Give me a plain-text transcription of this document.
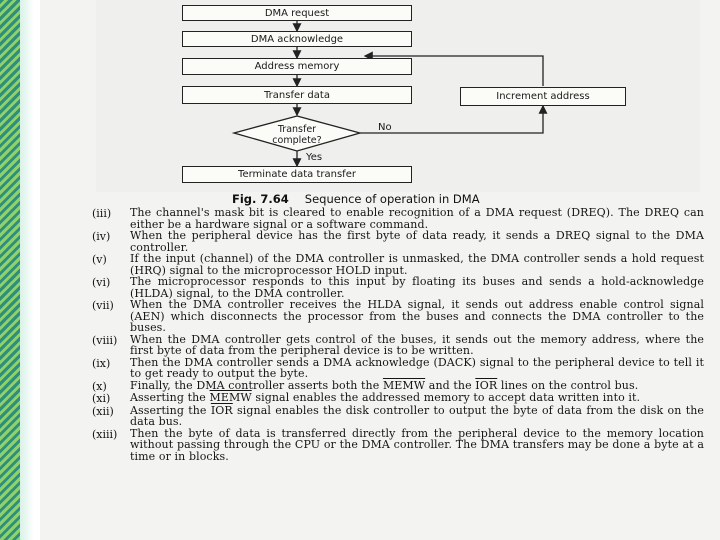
DMA request
DMA acknowledge
Address memory
Transfer data	Increment address
Transfer complete?
No
Yes
Terminate data transfer
Fig. 7.64 Sequence of operation in DMA
(iii)	The channel's mask bit is cleared to enable recognition of a DMA request (DREQ). The DREQ can either be a hardware signal or a software command.
(iv)	When the peripheral device has the first byte of data ready, it sends a DREQ signal to the DMA controller.
(v)	If the input (channel) of the DMA controller is unmasked, the DMA controller sends a hold request (HRQ) signal to the microprocessor HOLD input.
(vi)	The microprocessor responds to this input by floating its buses and sends a hold-acknowledge (HLDA) signal, to the DMA controller.
(vii)	When the DMA controller receives the HLDA signal, it sends out address enable control signal (AEN) which disconnects the processor from the buses and connects the DMA controller to the buses.
(viii)	When the DMA controller gets control of the buses, it sends out the memory address, where the first byte of data from the peripheral device is to be written.
(ix)	Then the DMA controller sends a DMA acknowledge (DACK) signal to the peripheral device to tell it to get ready to output the byte.
(x)	Finally, the DMA controller asserts both the MEMW and the $\overline{IOR}$ lines on the control bus.
(xi)	Asserting the MEMW signal enables the addressed memory to accept data written into it.
(xii)	Asserting the $\overline{IOR}$ signal enables the disk controller to output the byte of data from the disk on the data bus.
(xiii)	Then the byte of data is transferred directly from the peripheral device to the memory location without passing through the CPU or the DMA controller. The DMA transfers may be done a byte at a time or in blocks.
